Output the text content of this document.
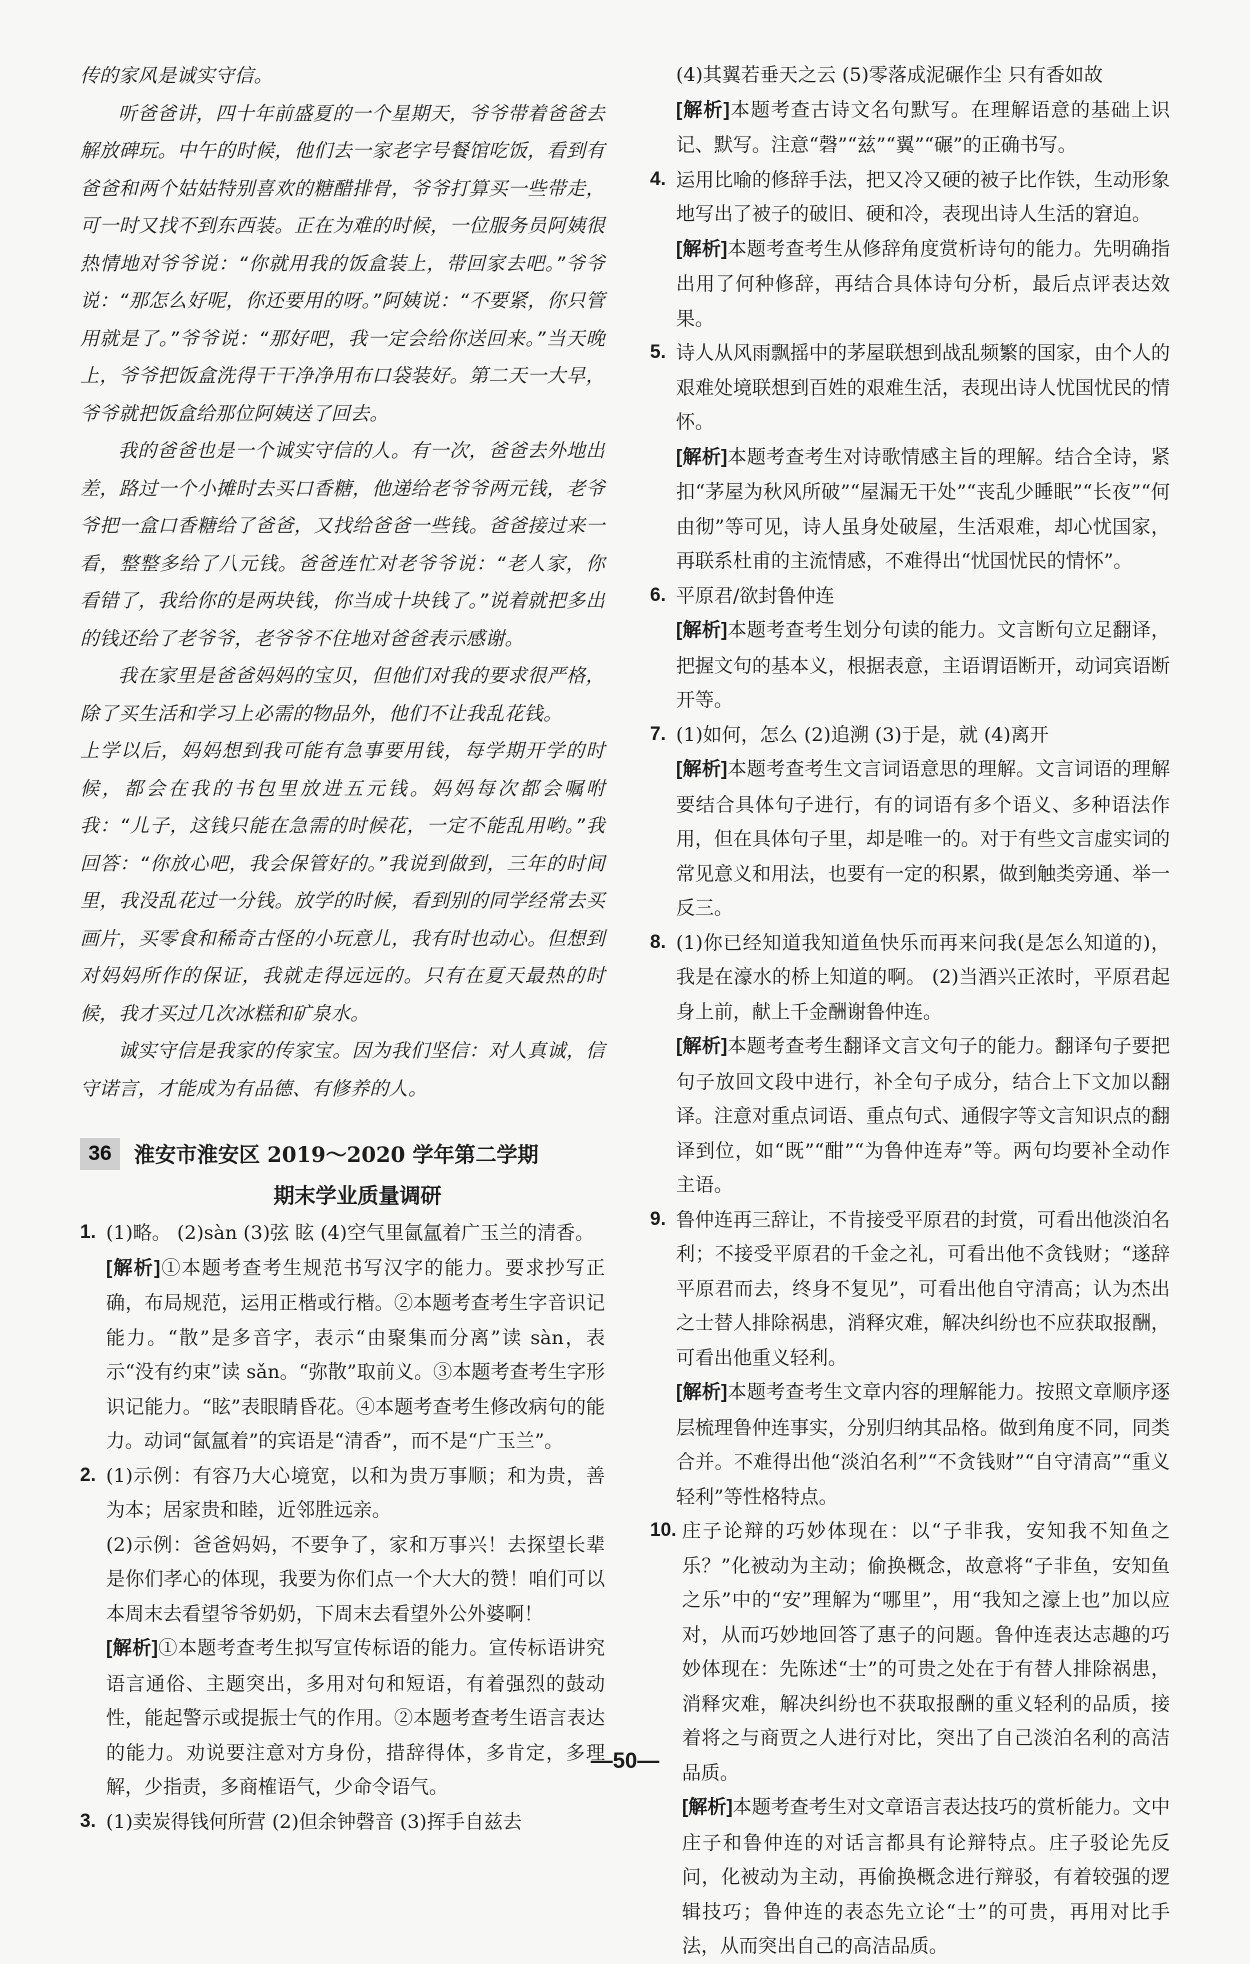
传的家风是诚实守信。

听爸爸讲，四十年前盛夏的一个星期天，爷爷带着爸爸去解放碑玩。中午的时候，他们去一家老字号餐馆吃饭，看到有爸爸和两个姑姑特别喜欢的糖醋排骨，爷爷打算买一些带走，可一时又找不到东西装。正在为难的时候，一位服务员阿姨很热情地对爷爷说：“你就用我的饭盒装上，带回家去吧。”爷爷说：“那怎么好呢，你还要用的呀。”阿姨说：“不要紧，你只管用就是了。”爷爷说：“那好吧，我一定会给你送回来。”当天晚上，爷爷把饭盒洗得干干净净用布口袋装好。第二天一大早，爷爷就把饭盒给那位阿姨送了回去。

我的爸爸也是一个诚实守信的人。有一次，爸爸去外地出差，路过一个小摊时去买口香糖，他递给老爷爷两元钱，老爷爷把一盒口香糖给了爸爸，又找给爸爸一些钱。爸爸接过来一看，整整多给了八元钱。爸爸连忙对老爷爷说：“老人家，你看错了，我给你的是两块钱，你当成十块钱了。”说着就把多出的钱还给了老爷爷，老爷爷不住地对爸爸表示感谢。

我在家里是爸爸妈妈的宝贝，但他们对我的要求很严格，除了买生活和学习上必需的物品外，他们不让我乱花钱。

上学以后，妈妈想到我可能有急事要用钱，每学期开学的时候，都会在我的书包里放进五元钱。妈妈每次都会嘱咐我：“儿子，这钱只能在急需的时候花，一定不能乱用哟。”我回答：“你放心吧，我会保管好的。”我说到做到，三年的时间里，我没乱花过一分钱。放学的时候，看到别的同学经常去买画片，买零食和稀奇古怪的小玩意儿，我有时也动心。但想到对妈妈所作的保证，我就走得远远的。只有在夏天最热的时候，我才买过几次冰糕和矿泉水。

诚实守信是我家的传家宝。因为我们坚信：对人真诚，信守诺言，才能成为有品德、有修养的人。

36	淮安市淮安区 2019～2020 学年第二学期
期末学业质量调研
1. (1)略。 (2)sàn (3)弦 眩 (4)空气里氤氲着广玉兰的清香。
[解析]①本题考查考生规范书写汉字的能力。要求抄写正确，布局规范，运用正楷或行楷。②本题考查考生字音识记能力。“散”是多音字，表示“由聚集而分离”读 sàn，表示“没有约束”读 sǎn。“弥散”取前义。③本题考查考生字形识记能力。“眩”表眼睛昏花。④本题考查考生修改病句的能力。动词“氤氲着”的宾语是“清香”，而不是“广玉兰”。
2. (1)示例：有容乃大心境宽，以和为贵万事顺；和为贵，善为本；居家贵和睦，近邻胜远亲。
(2)示例：爸爸妈妈，不要争了，家和万事兴！去探望长辈是你们孝心的体现，我要为你们点一个大大的赞！咱们可以本周末去看望爷爷奶奶，下周末去看望外公外婆啊！
[解析]①本题考查考生拟写宣传标语的能力。宣传标语讲究语言通俗、主题突出，多用对句和短语，有着强烈的鼓动性，能起警示或提振士气的作用。②本题考查考生语言表达的能力。劝说要注意对方身份，措辞得体，多肯定，多理解，少指责，多商榷语气，少命令语气。
3. (1)卖炭得钱何所营 (2)但余钟磬音 (3)挥手自兹去
(4)其翼若垂天之云 (5)零落成泥碾作尘 只有香如故
[解析]本题考查古诗文名句默写。在理解语意的基础上识记、默写。注意“磬”“兹”“翼”“碾”的正确书写。
4. 运用比喻的修辞手法，把又冷又硬的被子比作铁，生动形象地写出了被子的破旧、硬和冷，表现出诗人生活的窘迫。
[解析]本题考查考生从修辞角度赏析诗句的能力。先明确指出用了何种修辞，再结合具体诗句分析，最后点评表达效果。
5. 诗人从风雨飘摇中的茅屋联想到战乱频繁的国家，由个人的艰难处境联想到百姓的艰难生活，表现出诗人忧国忧民的情怀。
[解析]本题考查考生对诗歌情感主旨的理解。结合全诗，紧扣“茅屋为秋风所破”“屋漏无干处”“丧乱少睡眠”“长夜”“何由彻”等可见，诗人虽身处破屋，生活艰难，却心忧国家，再联系杜甫的主流情感，不难得出“忧国忧民的情怀”。
6. 平原君/欲封鲁仲连
[解析]本题考查考生划分句读的能力。文言断句立足翻译，把握文句的基本义，根据表意，主语谓语断开，动词宾语断开等。
7. (1)如何，怎么 (2)追溯 (3)于是，就 (4)离开
[解析]本题考查考生文言词语意思的理解。文言词语的理解要结合具体句子进行，有的词语有多个语义、多种语法作用，但在具体句子里，却是唯一的。对于有些文言虚实词的常见意义和用法，也要有一定的积累，做到触类旁通、举一反三。
8. (1)你已经知道我知道鱼快乐而再来问我(是怎么知道的)，我是在濠水的桥上知道的啊。 (2)当酒兴正浓时，平原君起身上前，献上千金酬谢鲁仲连。
[解析]本题考查考生翻译文言文句子的能力。翻译句子要把句子放回文段中进行，补全句子成分，结合上下文加以翻译。注意对重点词语、重点句式、通假字等文言知识点的翻译到位，如“既”“酣”“为鲁仲连寿”等。两句均要补全动作主语。
9. 鲁仲连再三辞让，不肯接受平原君的封赏，可看出他淡泊名利；不接受平原君的千金之礼，可看出他不贪钱财；“遂辞平原君而去，终身不复见”，可看出他自守清高；认为杰出之士替人排除祸患，消释灾难，解决纠纷也不应获取报酬，可看出他重义轻利。
[解析]本题考查考生文章内容的理解能力。按照文章顺序逐层梳理鲁仲连事实，分别归纳其品格。做到角度不同，同类合并。不难得出他“淡泊名利”“不贪钱财”“自守清高”“重义轻利”等性格特点。
10. 庄子论辩的巧妙体现在：以“子非我，安知我不知鱼之乐？”化被动为主动；偷换概念，故意将“子非鱼，安知鱼之乐”中的“安”理解为“哪里”，用“我知之濠上也”加以应对，从而巧妙地回答了惠子的问题。鲁仲连表达志趣的巧妙体现在：先陈述“士”的可贵之处在于有替人排除祸患，消释灾难，解决纠纷也不获取报酬的重义轻利的品质，接着将之与商贾之人进行对比，突出了自己淡泊名利的高洁品质。
[解析]本题考查考生对文章语言表达技巧的赏析能力。文中庄子和鲁仲连的对话言都具有论辩特点。庄子驳论先反问，化被动为主动，再偷换概念进行辩驳，有着较强的逻辑技巧；鲁仲连的表态先立论“士”的可贵，再用对比手法，从而突出自己的高洁品质。
—50—
